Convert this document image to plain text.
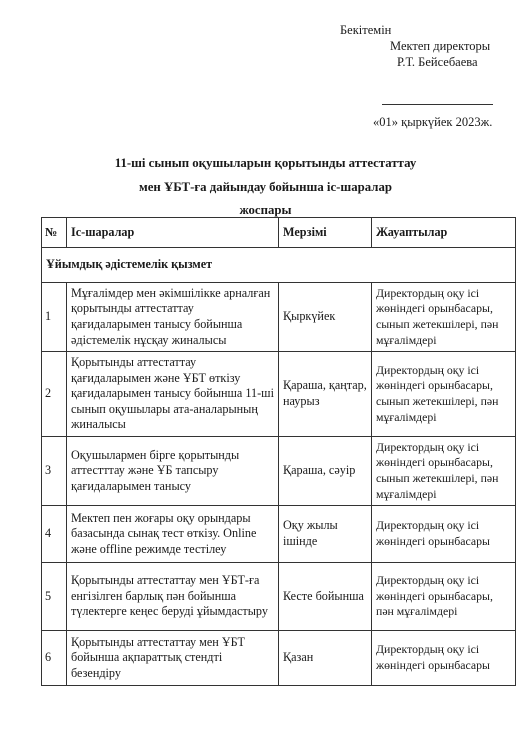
Бекітемін
Мектеп директоры
Р.Т. Бейсебаева
«01» қыркүйек 2023ж.
11-ші сынып оқушыларын қорытынды аттестаттау
мен ҰБТ-ға дайындау бойынша іс-шаралар
жоспары
№	Іс-шаралар	Мерзімі	Жауаптылар
Ұйымдық әдістемелік қызмет			
1	Мұғалімдер мен әкімшілікке арналған қорытынды аттестаттау қағидаларымен танысу бойынша әдістемелік нұсқау жиналысы	Қыркүйек	Директордың оқу ісі жөніндегі орынбасары, сынып жетекшілері, пән мұғалімдері
2	Қорытынды аттестаттау қағидаларымен және ҰБТ өткізу қағидаларымен танысу бойынша 11-ші сынып оқушылары ата-аналарының жиналысы	Қараша, қаңтар, наурыз	Директордың оқу ісі жөніндегі орынбасары, сынып жетекшілері, пән мұғалімдері
3	Оқушылармен бірге қорытынды аттестттау және ҰБ тапсыру қағидаларымен танысу	Қараша, сәуір	Директордың оқу ісі жөніндегі орынбасары, сынып жетекшілері, пән мұғалімдері
4	Мектеп пен жоғары оқу орындары базасында сынақ тест өткізу. Online және offline режимде тестілеу	Оқу жылы ішінде	Директордың оқу ісі жөніндегі орынбасары
5	Қорытынды аттестаттау мен ҰБТ-ға енгізілген барлық пән бойынша түлектерге кеңес беруді ұйымдастыру	Кесте бойынша	Директордың оқу ісі жөніндегі орынбасары, пән мұғалімдері
6	Қорытынды аттестаттау мен ҰБТ бойынша ақпараттық стендті безендіру	Қазан	Директордың оқу ісі жөніндегі орынбасары
